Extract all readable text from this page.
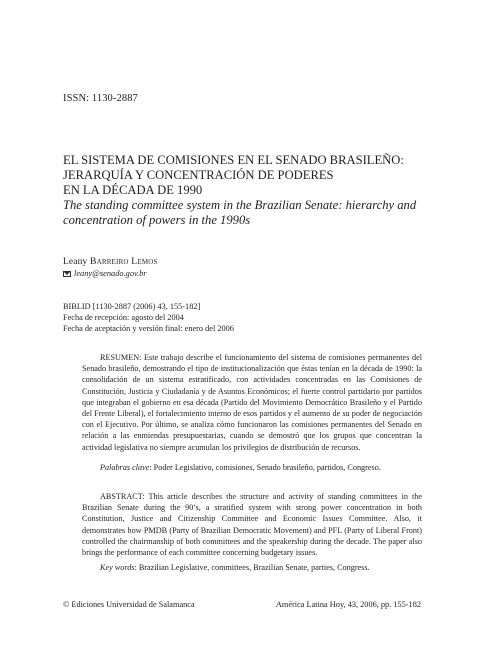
ISSN: 1130-2887
EL SISTEMA DE COMISIONES EN EL SENADO BRASILEÑO:
JERARQUÍA Y CONCENTRACIÓN DE PODERES
EN LA DÉCADA DE 1990
The standing committee system in the Brazilian Senate: hierarchy and
concentration of powers in the 1990s
Leany Barreiro Lemos
leany@senado.gov.br
BIBLID [1130-2887 (2006) 43, 155-182]
Fecha de recepción: agosto del 2004
Fecha de aceptación y versión final: enero del 2006

RESUMEN: Este trabajo describe el funcionamiento del sistema de comisiones permanentes del Senado brasileño, demostrando el tipo de institucionalización que éstas tenían en la década de 1990: la consolidación de un sistema estratificado, con actividades concentradas en las Comisiones de Constitución, Justicia y Ciudadanía y de Asuntos Económicos; el fuerte control partidario por partidos que integraban el gobierno en esa década (Partido del Movimiento Democrático Brasileño y el Partido del Frente Liberal), el fortalecimiento interno de esos partidos y el aumento de su poder de negociación con el Ejecutivo. Por último, se analiza cómo funcionaron las comisiones permanentes del Senado en relación a las enmiendas presupuestarias, cuando se demostró que los grupos que concentran la actividad legislativa no siempre acumulan los privilegios de distribución de recursos.

Palabras clave: Poder Legislativo, comisiones, Senado brasileño, partidos, Congreso.

ABSTRACT: This article describes the structure and activity of standing committees in the Brazilian Senate during the 90’s, a stratified system with strong power concentration in both Constitution, Justice and Citizenship Committee and Economic Issues Committee. Also, it demonstrates how PMDB (Party of Brazilian Democratic Movement) and PFL (Party of Liberal Front) controlled the chairmanship of both committees and the speakership during the decade. The paper also brings the performance of each committee concerning budgetary issues.

Key words: Brazilian Legislative, committees, Brazilian Senate, parties, Congress.

© Ediciones Universidad de Salamanca	América Latina Hoy, 43, 2006, pp. 155-182
